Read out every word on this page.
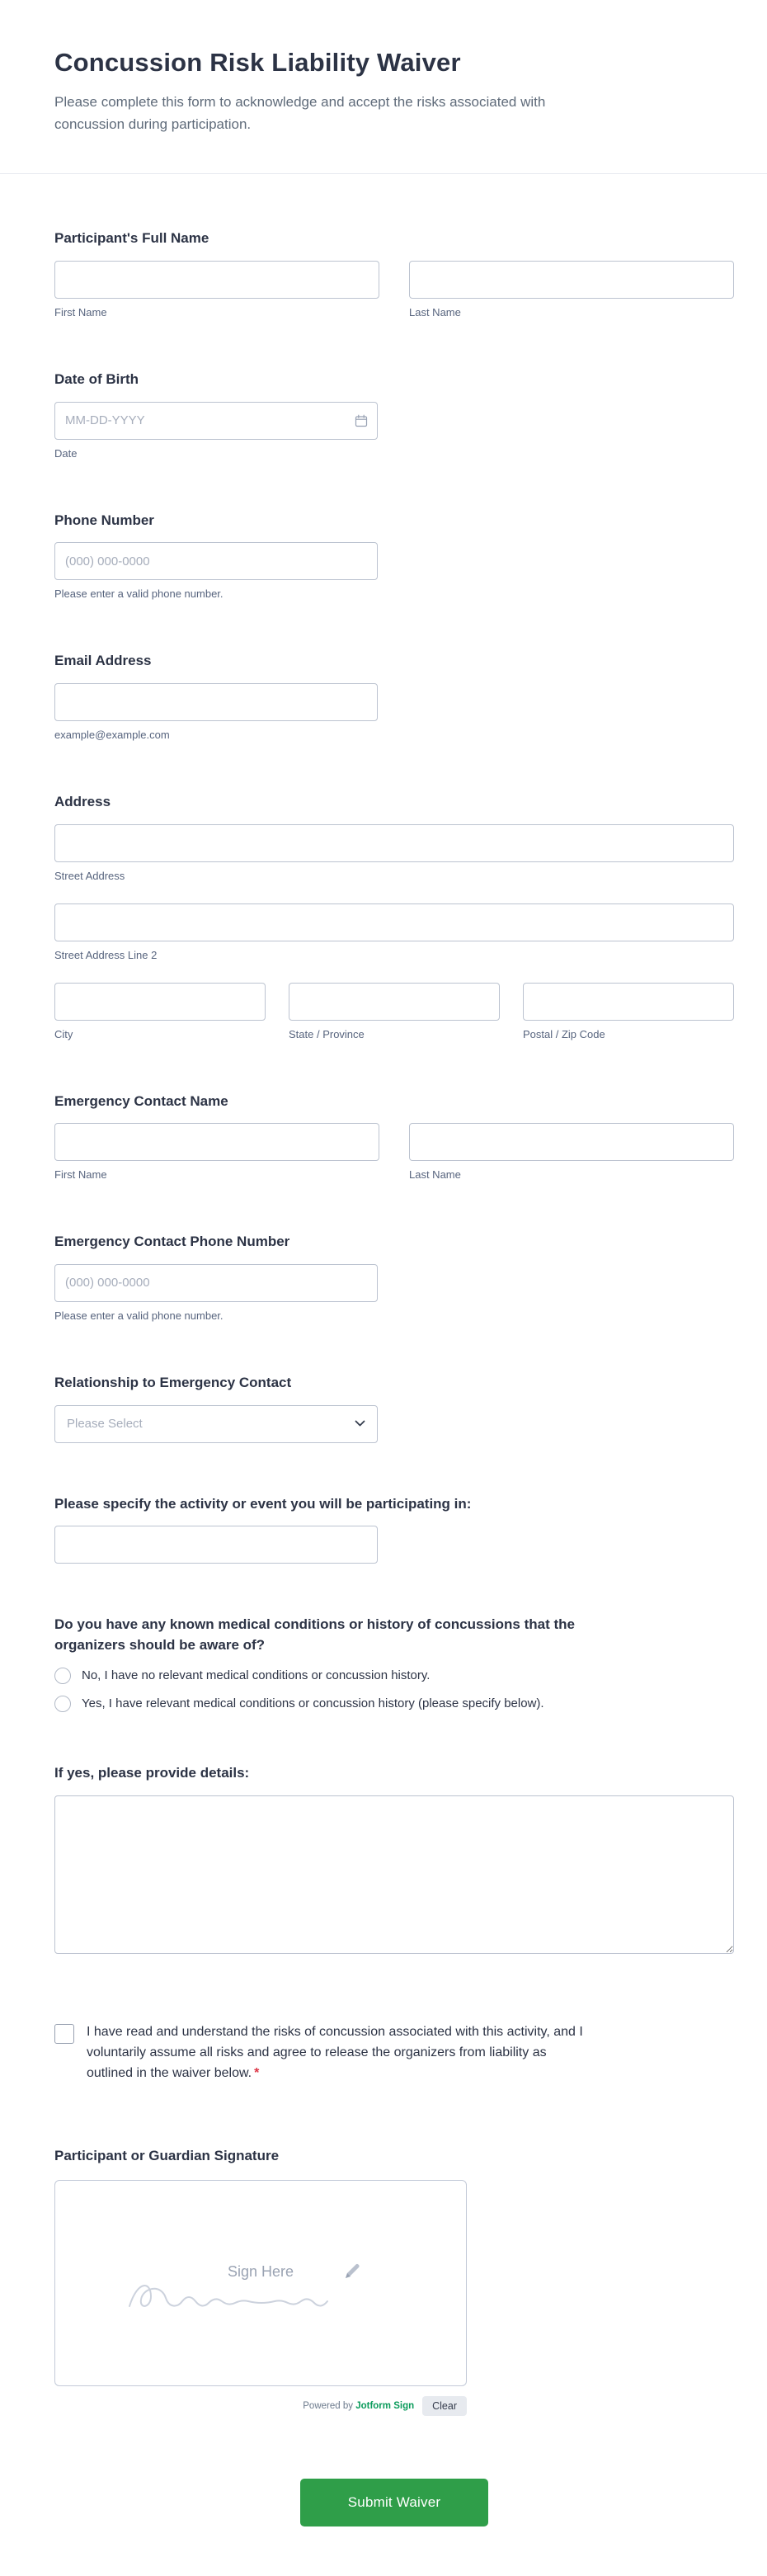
Concussion Risk Liability Waiver

Please complete this form to acknowledge and accept the risks associated with concussion during participation.

Participant's Full Name
First Name	Last Name
Date of Birth
MM-DD-YYYY
Date
Phone Number
(000) 000-0000
Please enter a valid phone number.
Email Address
example@example.com
Address
Street Address
Street Address Line 2
City	State / Province	Postal / Zip Code
Emergency Contact Name
First Name	Last Name
Emergency Contact Phone Number
(000) 000-0000
Please enter a valid phone number.
Relationship to Emergency Contact
Please Select
Please specify the activity or event you will be participating in:
Do you have any known medical conditions or history of concussions that the organizers should be aware of?
No, I have no relevant medical conditions or concussion history.
Yes, I have relevant medical conditions or concussion history (please specify below).
If yes, please provide details:
I have read and understand the risks of concussion associated with this activity, and I voluntarily assume all risks and agree to release the organizers from liability as outlined in the waiver below. *
Participant or Guardian Signature
Sign Here
Powered by Jotform Sign	Clear
Submit Waiver
